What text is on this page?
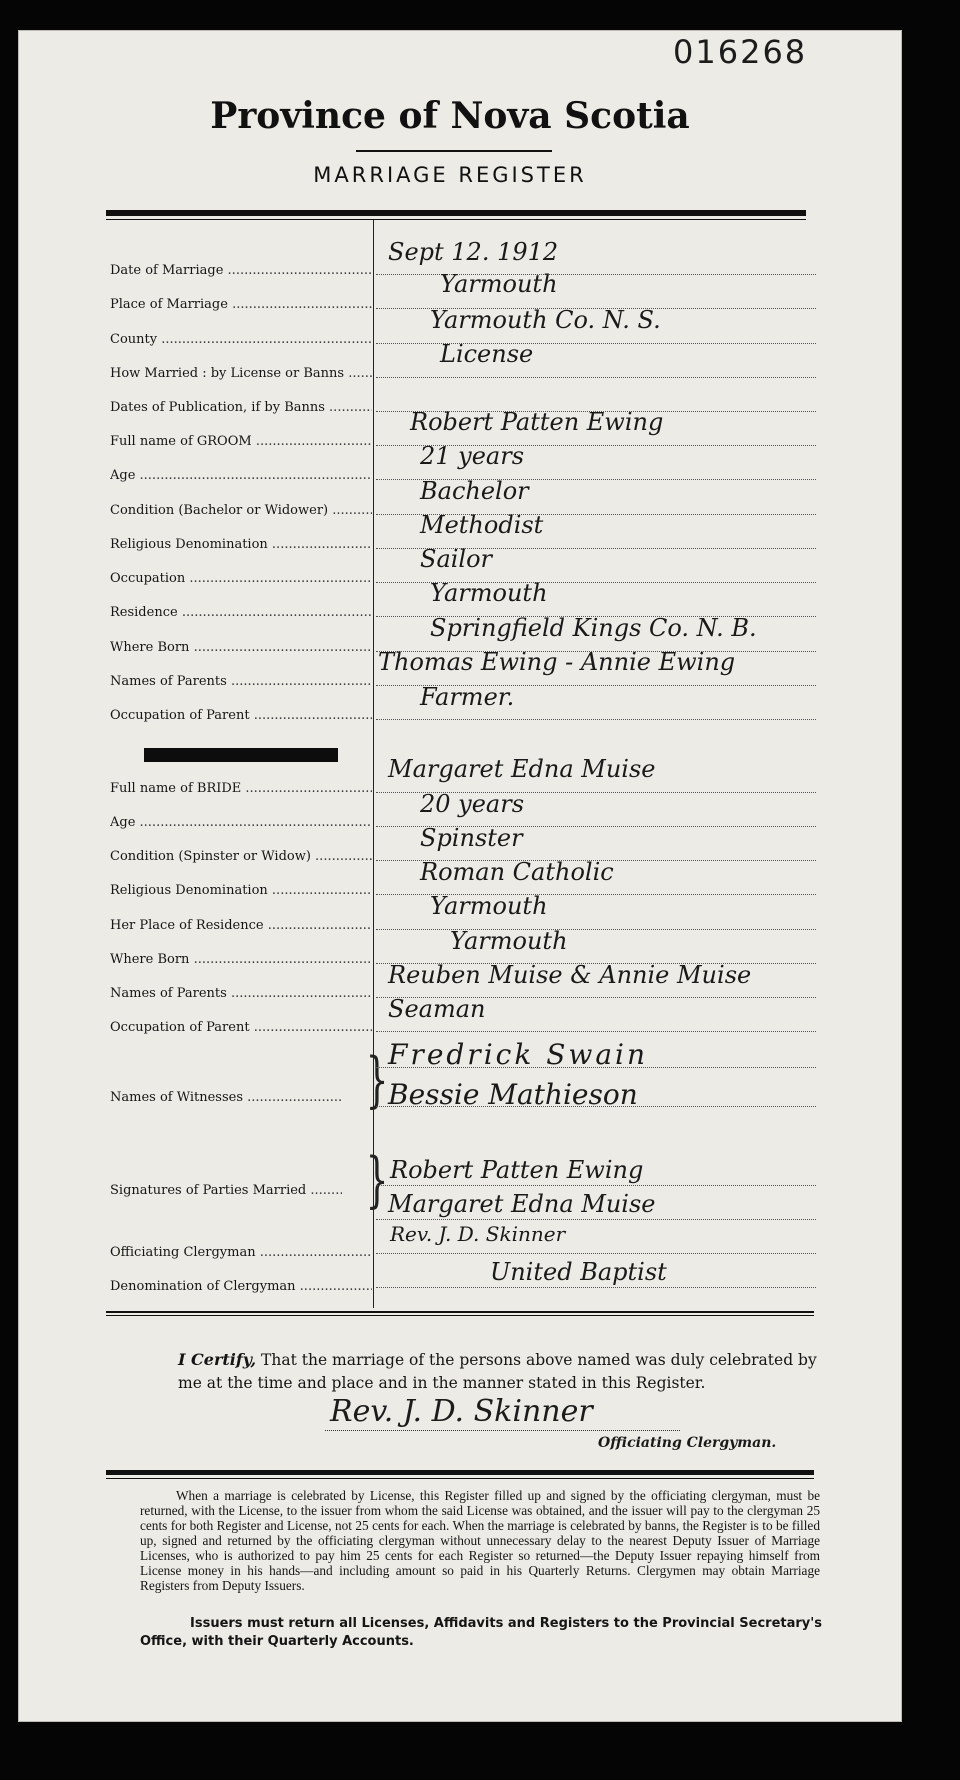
016268
Province of Nova Scotia
MARRIAGE REGISTER
Date of Marriage .....
Sept 12. 1912
Place of Marriage .....
Yarmouth
County .....
Yarmouth Co. N. S.
How Married : by License or Banns .....
License
Dates of Publication, if by Banns .....
Full name of GROOM .....
Robert Patten Ewing
Age .....
21 years
Condition (Bachelor or Widower) .....
Bachelor
Religious Denomination .....
Methodist
Occupation .....
Sailor
Residence .....
Yarmouth
Where Born .....
Springfield Kings Co. N. B.
Names of Parents .....
Thomas Ewing - Annie Ewing
Occupation of Parent .....
Farmer.
Full name of BRIDE .....
Margaret Edna Muise
Age .....
20 years
Condition (Spinster or Widow) .....
Spinster
Religious Denomination .....
Roman Catholic
Her Place of Residence .....
Yarmouth
Where Born .....
Yarmouth
Names of Parents .....
Reuben Muise & Annie Muise
Occupation of Parent .....
Seaman
Names of Witnesses .....	} Fredrick Swain
Bessie Mathieson
Signatures of Parties Married ..... } Robert Patten Ewing
Margaret Edna Muise
Officiating Clergyman .....
Rev. J. D. Skinner
Denomination of Clergyman .....
United Baptist
I Certify, That the marriage of the persons above named was duly celebrated by me at the time and place and in the manner stated in this Register.
Rev. J. D. Skinner
Officiating Clergyman.
When a marriage is celebrated by License, this Register filled up and signed by the officiating clergyman, must be returned, with the License, to the issuer from whom the said License was obtained, and the issuer will pay to the clergyman 25 cents for both Register and License, not 25 cents for each. When the marriage is celebrated by banns, the Register is to be filled up, signed and returned by the officiating clergyman without unnecessary delay to the nearest Deputy Issuer of Marriage Licenses, who is authorized to pay him 25 cents for each Register so returned—the Deputy Issuer repaying himself from License money in his hands—and including amount so paid in his Quarterly Returns. Clergymen may obtain Marriage Registers from Deputy Issuers.
Issuers must return all Licenses, Affidavits and Registers to the Provincial Secretary's Office, with their Quarterly Accounts.
